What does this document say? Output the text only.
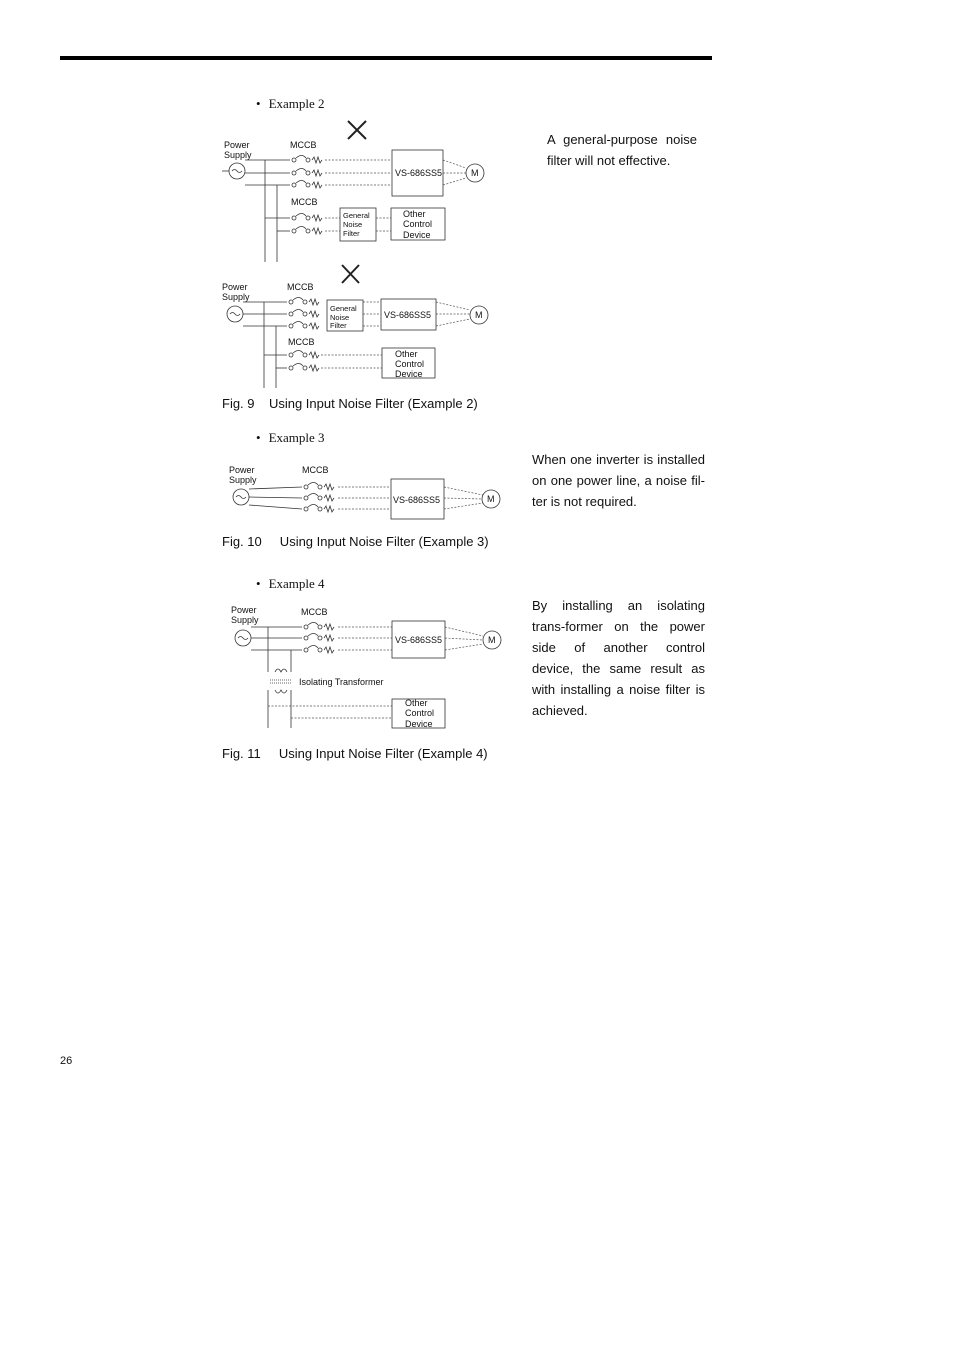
• Example 2
A general-purpose noise filter will not effective.
Power
Supply
MCCB
VS-686SS5	M
MCCB
General
Noise
Filter
Other
Control
Device
Power
Supply
MCCB
General
Noise
Filter
VS-686SS5	M
MCCB
Other
Control
Device
Fig. 9    Using Input Noise Filter (Example 2)
• Example 3
When one inverter is installed on one power line, a noise fil-ter is not required.
Power
Supply
MCCB
VS-686SS5	M
Fig. 10     Using Input Noise Filter (Example 3)
• Example 4
By installing an isolating trans-former on the power side of another control device, the same result as with installing a noise filter is achieved.
Power
Supply
MCCB
VS-686SS5	M
Isolating Transformer
Other
Control
Device
Fig. 11     Using Input Noise Filter (Example 4)
26
